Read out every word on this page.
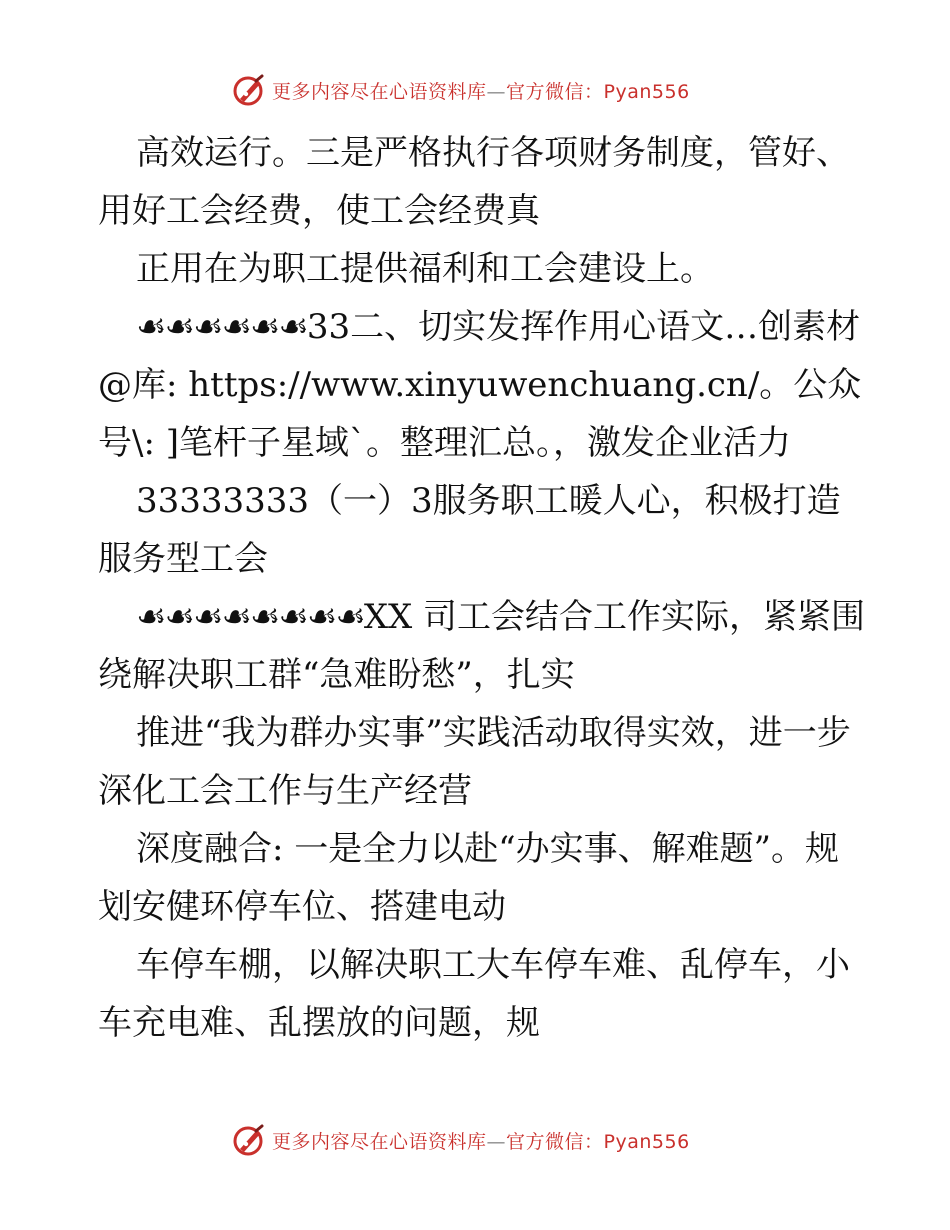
更多内容尽在心语资料库—官方微信：Pyan556

高效运行。三是严格执行各项财务制度，管好、用好工会经费，使工会经费真

正用在为职工提供福利和工会建设上。

☙☙☙☙☙☙33二、切实发挥作用心语文…创素材@库: https://www.xinyuwenchuang.cn/。公众号\: ]笔杆子星域`。整理汇总。，激发企业活力

33333333（一）3服务职工暖人心，积极打造服务型工会

☙☙☙☙☙☙☙☙XX 司工会结合工作实际，紧紧围绕解决职工群“急难盼愁”，扎实

推进“我为群办实事”实践活动取得实效，进一步深化工会工作与生产经营

深度融合: 一是全力以赴“办实事、解难题”。规划安健环停车位、搭建电动

车停车棚，以解决职工大车停车难、乱停车，小车充电难、乱摆放的问题，规

更多内容尽在心语资料库—官方微信：Pyan556
